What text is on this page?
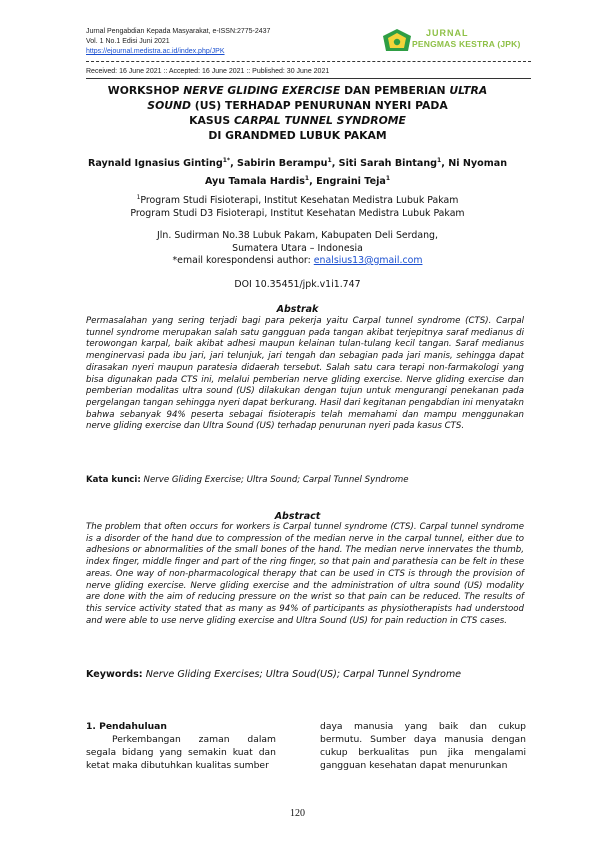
Jurnal Pengabdian Kepada Masyarakat, e-ISSN:2775-2437
Vol. 1 No.1 Edisi Juni 2021
https://ejournal.medistra.ac.id/index.php/JPK
JURNAL
PENGMAS KESTRA (JPK)
Received: 16 June 2021 :: Accepted: 16 June 2021 :: Published: 30 June 2021
WORKSHOP NERVE GLIDING EXERCISE DAN PEMBERIAN ULTRA
SOUND (US) TERHADAP PENURUNAN NYERI PADA
KASUS CARPAL TUNNEL SYNDROME
DI GRANDMED LUBUK PAKAM
Raynald Ignasius Ginting$^{1*}$, Sabirin Berampu$^1$, Siti Sarah Bintang$^1$, Ni Nyoman
Ayu Tamala Hardis$^1$, Engraini Teja$^1$
$^1$Program Studi Fisioterapi, Institut Kesehatan Medistra Lubuk Pakam
Program Studi D3 Fisioterapi, Institut Kesehatan Medistra Lubuk Pakam
Jln. Sudirman No.38 Lubuk Pakam, Kabupaten Deli Serdang,
Sumatera Utara – Indonesia
*email korespondensi author: enalsius13@gmail.com
DOI 10.35451/jpk.v1i1.747
Abstrak
Permasalahan yang sering terjadi bagi para pekerja yaitu Carpal tunnel syndrome (CTS). Carpal tunnel syndrome merupakan salah satu gangguan pada tangan akibat terjepitnya saraf medianus di terowongan karpal, baik akibat adhesi maupun kelainan tulan-tulang kecil tangan. Saraf medianus menginervasi pada ibu jari, jari telunjuk, jari tengah dan sebagian pada jari manis, sehingga dapat dirasakan nyeri maupun paratesia didaerah tersebut. Salah satu cara terapi non-farmakologi yang bisa digunakan pada CTS ini, melalui pemberian nerve gliding exercise. Nerve gliding exercise dan pemberian modalitas ultra sound (US) dilakukan dengan tujun untuk mengurangi penekanan pada pergelangan tangan sehingga nyeri dapat berkurang. Hasil dari kegitanan pengabdian ini menyatakn bahwa sebanyak 94% peserta sebagai fisioterapis telah memahami dan mampu menggunakan nerve gliding exercise dan Ultra Sound (US) terhadap penurunan nyeri pada kasus CTS.
Kata kunci: Nerve Gliding Exercise; Ultra Sound; Carpal Tunnel Syndrome
Abstract
The problem that often occurs for workers is Carpal tunnel syndrome (CTS). Carpal tunnel syndrome is a disorder of the hand due to compression of the median nerve in the carpal tunnel, either due to adhesions or abnormalities of the small bones of the hand. The median nerve innervates the thumb, index finger, middle finger and part of the ring finger, so that pain and parathesia can be felt in these areas. One way of non-pharmacological therapy that can be used in CTS is through the provision of nerve gliding exercise. Nerve gliding exercise and the administration of ultra sound (US) modality are done with the aim of reducing pressure on the wrist so that pain can be reduced. The results of this service activity stated that as many as 94% of participants as physiotherapists had understood and were able to use nerve gliding exercise and Ultra Sound (US) for pain reduction in CTS cases.
Keywords: Nerve Gliding Exercises; Ultra Soud(US); Carpal Tunnel Syndrome
1. Pendahuluan
Perkembangan zaman dalam segala bidang yang semakin kuat dan ketat maka dibutuhkan kualitas sumber
daya manusia yang baik dan cukup bermutu. Sumber daya manusia dengan cukup berkualitas pun jika mengalami gangguan kesehatan dapat menurunkan
120
